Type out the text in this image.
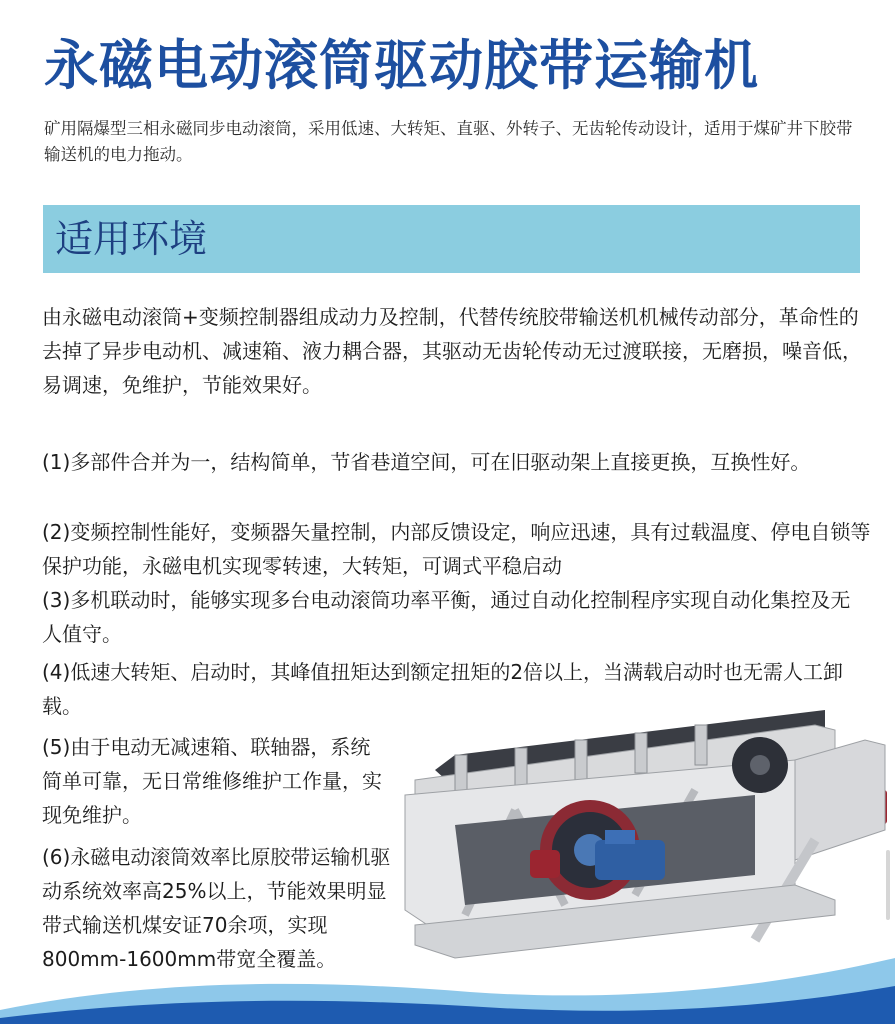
永磁电动滚筒驱动胶带运输机
矿用隔爆型三相永磁同步电动滚筒，采用低速、大转矩、直驱、外转子、无齿轮传动设计，适用于煤矿井下胶带输送机的电力拖动。
适用环境
由永磁电动滚筒+变频控制器组成动力及控制，代替传统胶带输送机机械传动部分，革命性的去掉了异步电动机、减速箱、液力耦合器，其驱动无齿轮传动无过渡联接，无磨损，噪音低，易调速，免维护，节能效果好。
(1)多部件合并为一，结构简单，节省巷道空间，可在旧驱动架上直接更换，互换性好。
(2)变频控制性能好，变频器矢量控制，内部反馈设定，响应迅速，具有过载温度、停电自锁等保护功能，永磁电机实现零转速，大转矩，可调式平稳启动
(3)多机联动时，能够实现多台电动滚筒功率平衡，通过自动化控制程序实现自动化集控及无人值守。
(4)低速大转矩、启动时，其峰值扭矩达到额定扭矩的2倍以上，当满载启动时也无需人工卸载。
(5)由于电动无减速箱、联轴器，系统简单可靠，无日常维修维护工作量，实现免维护。
(6)永磁电动滚筒效率比原胶带运输机驱动系统效率高25%以上，节能效果明显带式输送机煤安证70余项，实现800mm-1600mm带宽全覆盖。
